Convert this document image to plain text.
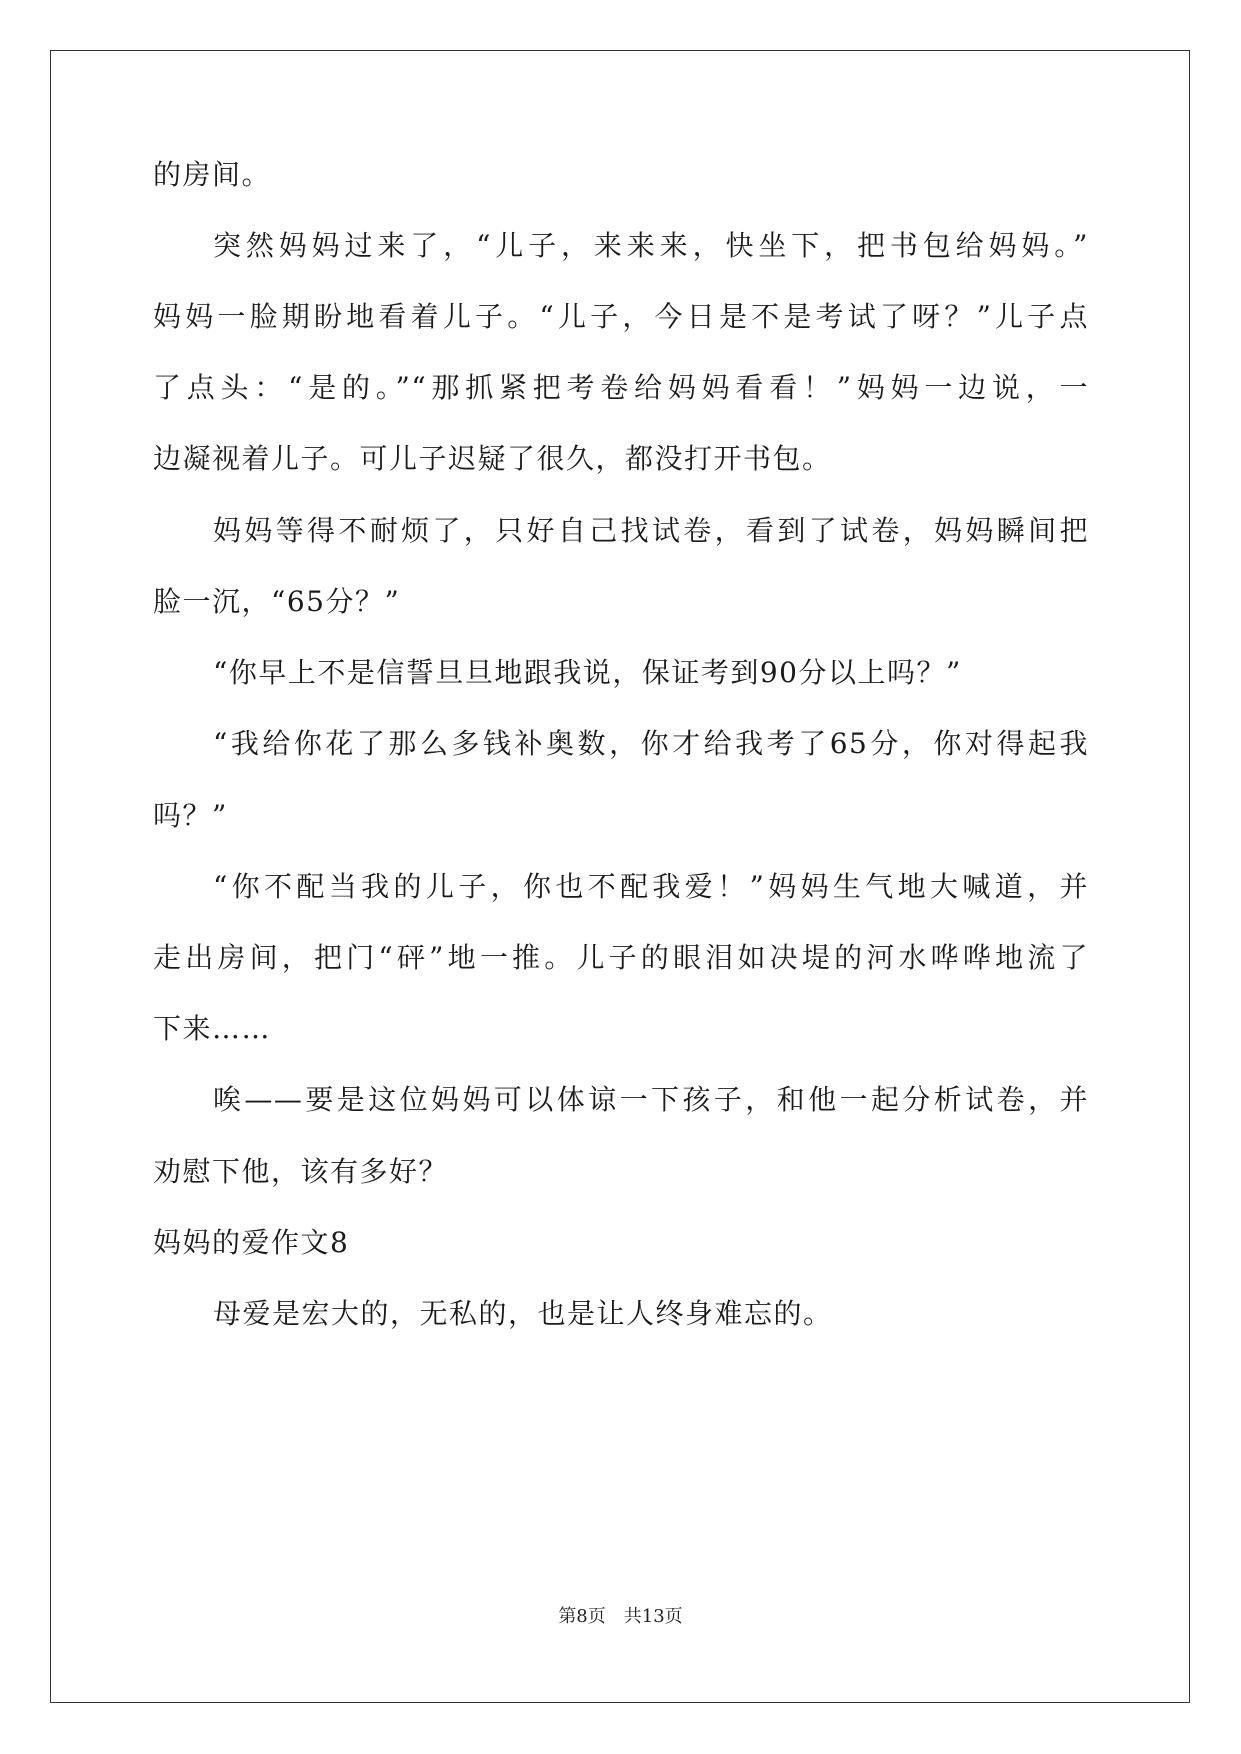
的房间。
突然妈妈过来了，“儿子，来来来，快坐下，把书包给妈妈。”
妈妈一脸期盼地看着儿子。“儿子，今日是不是考试了呀？”儿子点
了点头：“是的。”“那抓紧把考卷给妈妈看看！”妈妈一边说，一
边凝视着儿子。可儿子迟疑了很久，都没打开书包。
妈妈等得不耐烦了，只好自己找试卷，看到了试卷，妈妈瞬间把
脸一沉，“65分？”
“你早上不是信誓旦旦地跟我说，保证考到90分以上吗？”
“我给你花了那么多钱补奥数，你才给我考了65分，你对得起我
吗？”
“你不配当我的儿子，你也不配我爱！”妈妈生气地大喊道，并
走出房间，把门“砰”地一推。儿子的眼泪如决堤的河水哗哗地流了
下来……
唉——要是这位妈妈可以体谅一下孩子，和他一起分析试卷，并
劝慰下他，该有多好？
妈妈的爱作文8
母爱是宏大的，无私的，也是让人终身难忘的。
第8页 共13页
